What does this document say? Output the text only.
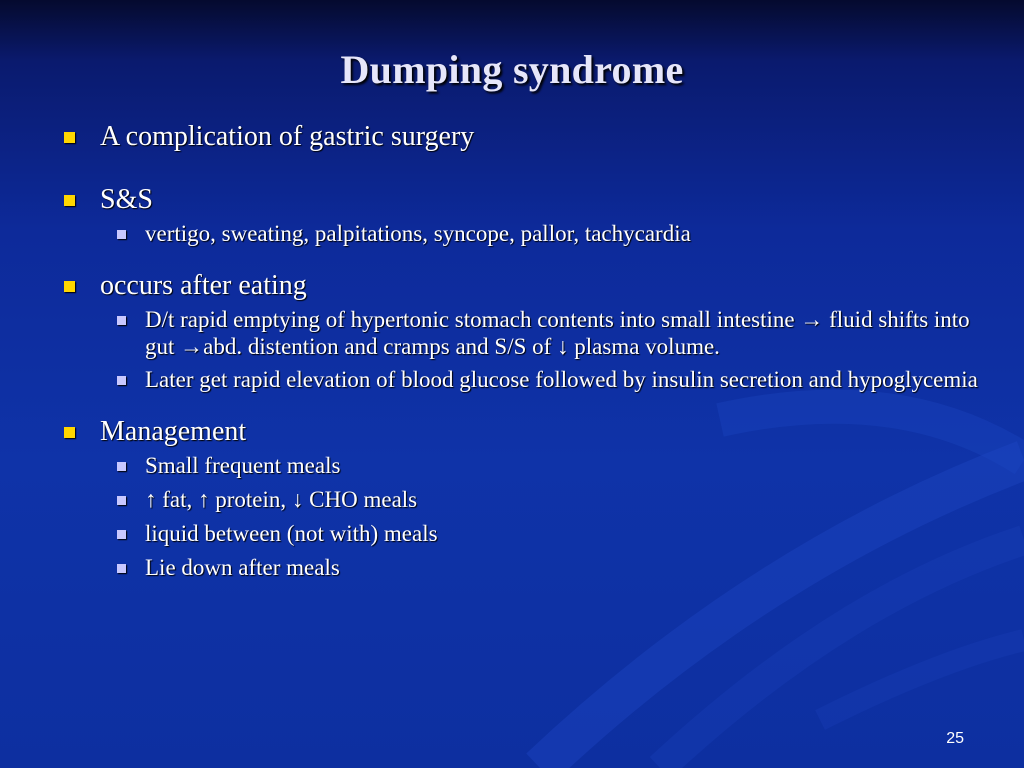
Dumping syndrome
A complication of gastric surgery
S&S
vertigo, sweating, palpitations, syncope, pallor, tachycardia
occurs after eating
D/t rapid emptying of hypertonic stomach contents into small intestine → fluid shifts into gut →abd. distention and cramps and S/S of ↓ plasma volume.
Later get rapid elevation of blood glucose followed by insulin secretion and hypoglycemia
Management
Small frequent meals
↑ fat, ↑ protein, ↓ CHO meals
liquid between (not with) meals
Lie down after meals
25
